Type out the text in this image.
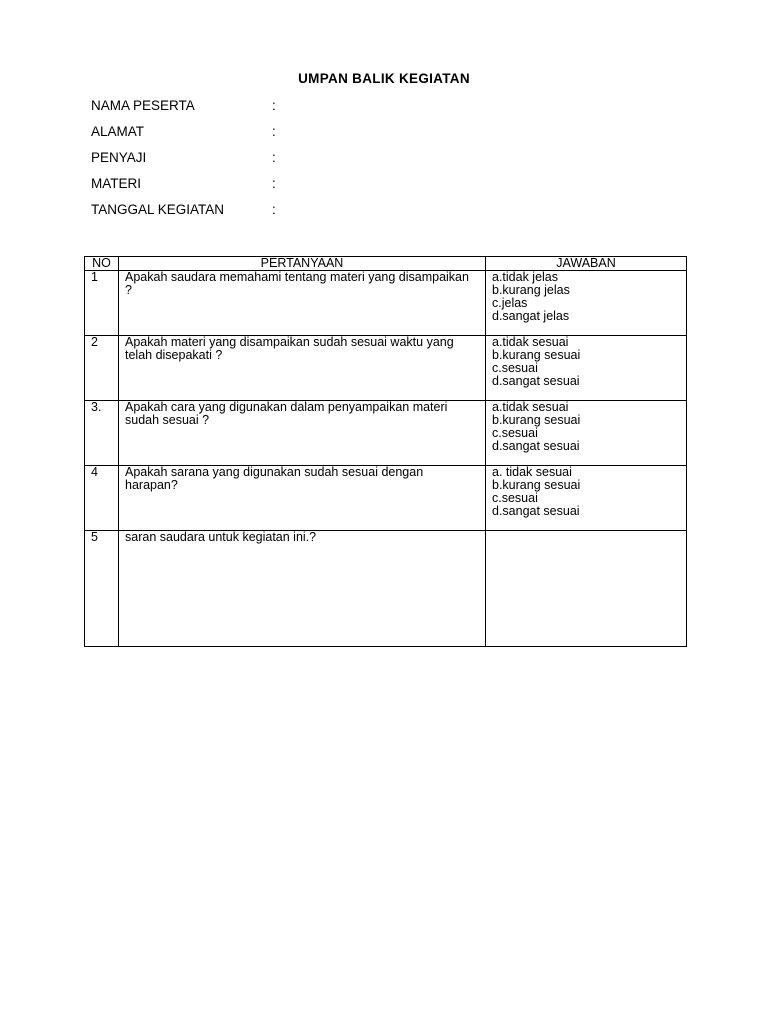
UMPAN BALIK KEGIATAN
NAMA PESERTA	:
ALAMAT	:
PENYAJI	:
MATERI	:
TANGGAL KEGIATAN	:
NO	PERTANYAAN	JAWABAN
1	Apakah saudara memahami tentang materi yang disampaikan ?	a.tidak jelas
b.kurang jelas
c.jelas
d.sangat jelas

2	Apakah materi yang disampaikan sudah sesuai waktu yang telah disepakati ?	a.tidak sesuai
b.kurang sesuai
c.sesuai
d.sangat sesuai

3.	Apakah cara yang digunakan dalam penyampaikan materi sudah sesuai ?	a.tidak sesuai
b.kurang sesuai
c.sesuai
d.sangat sesuai

4	Apakah sarana yang digunakan sudah sesuai dengan harapan?	a. tidak sesuai
b.kurang sesuai
c.sesuai
d.sangat sesuai

5	saran saudara untuk kegiatan ini.?	
